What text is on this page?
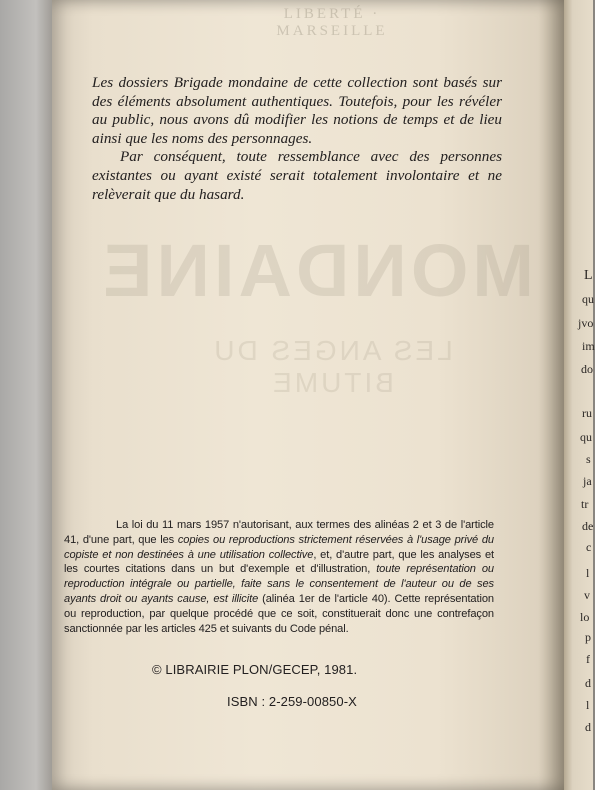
LIBERTÉ · MARSEILLE
MONDAINE
LES ANGES DU BITUME

Les dossiers Brigade mondaine de cette collection sont basés sur des éléments absolument authentiques. Toutefois, pour les révéler au public, nous avons dû modifier les notions de temps et de lieu ainsi que les noms des personnages.

Par conséquent, toute ressemblance avec des personnes existantes ou ayant existé serait totalement involontaire et ne relèverait que du hasard.

La loi du 11 mars 1957 n'autorisant, aux termes des alinéas 2 et 3 de l'article 41, d'une part, que les copies ou reproductions strictement réservées à l'usage privé du copiste et non destinées à une utilisation collective, et, d'autre part, que les analyses et les courtes citations dans un but d'exemple et d'illustration, toute représentation ou reproduction intégrale ou partielle, faite sans le consentement de l'auteur ou de ses ayants droit ou ayants cause, est illicite (alinéa 1er de l'article 40). Cette représentation ou reproduction, par quelque procédé que ce soit, constituerait donc une contrefaçon sanctionnée par les articles 425 et suivants du Code pénal.

© LIBRAIRIE PLON/GECEP, 1981.
ISBN : 2-259-00850-X
L
qu
jvo
im
do
ru
qu
s
ja
tr
de
c
l
v
lo
p
f
d
l
d
